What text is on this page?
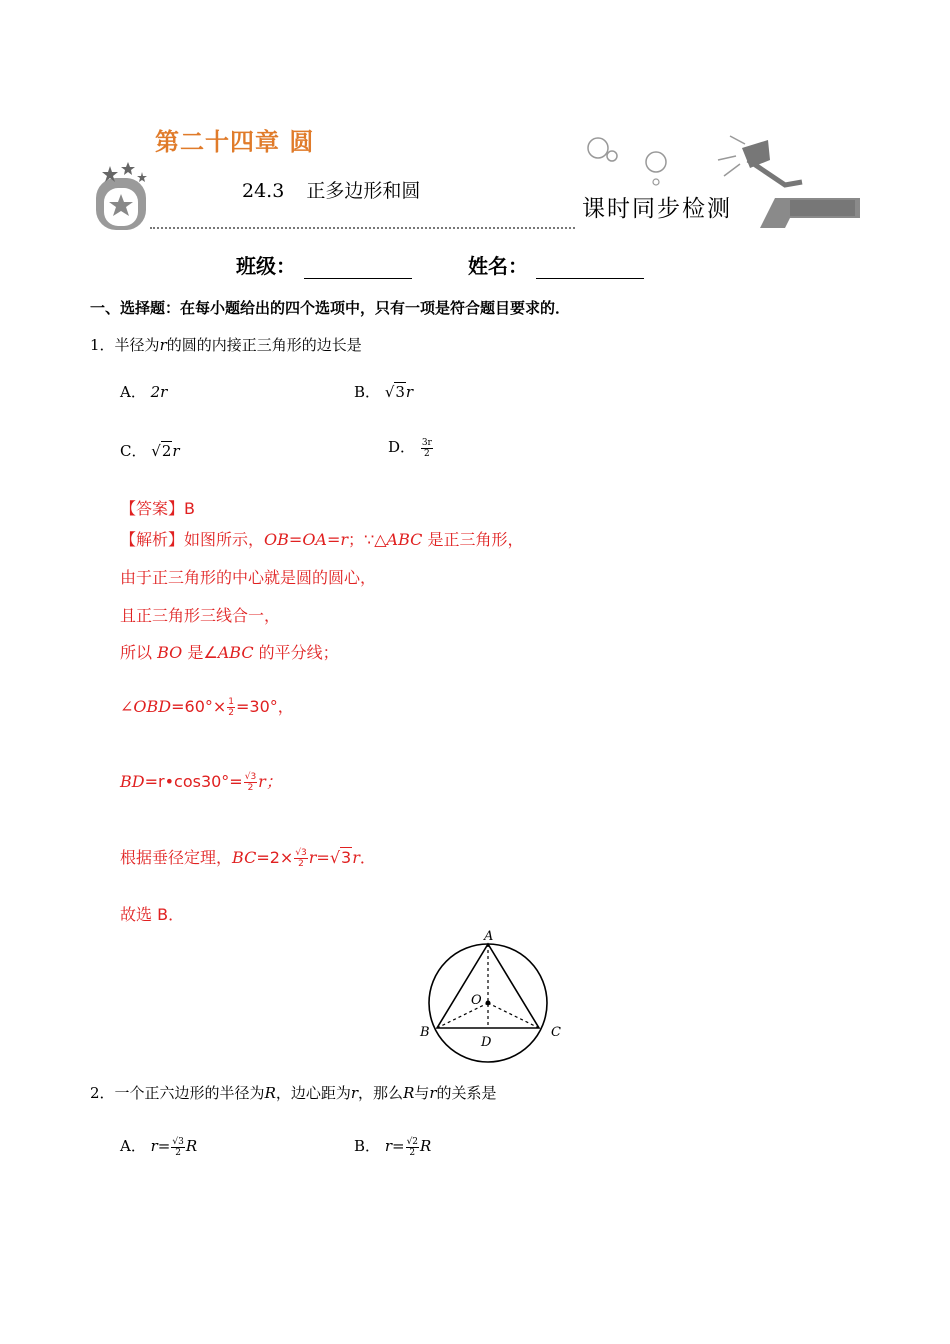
第二十四章 圆
24.3 正多边形和圆
课时同步检测
班级：	姓名：
一、选择题：在每小题给出的四个选项中，只有一项是符合题目要求的．
1．半径为r的圆的内接正三角形的边长是
A． 2r	B． √3r
C． √2r	D． $\frac{3r}{2}$
【答案】B
【解析】如图所示，OB=OA=r；∵△ABC 是正三角形，
由于正三角形的中心就是圆的圆心，
且正三角形三线合一，
所以 BO 是∠ABC 的平分线；
∠OBD=60°× $\frac{1}{2} =30^\circ$，
BD=r•cos30°= $\frac{√3}{2}$ r；
根据垂径定理，$BC=2\times \frac{√3}{2} r=√3r$．
故选 B．
A
B	C
O
D
2．一个正六边形的半径为R，边心距为r，那么R与r的关系是
A． $r= \frac{√3}{2}$ R	B． $r= \frac{√2}{2}$ R
